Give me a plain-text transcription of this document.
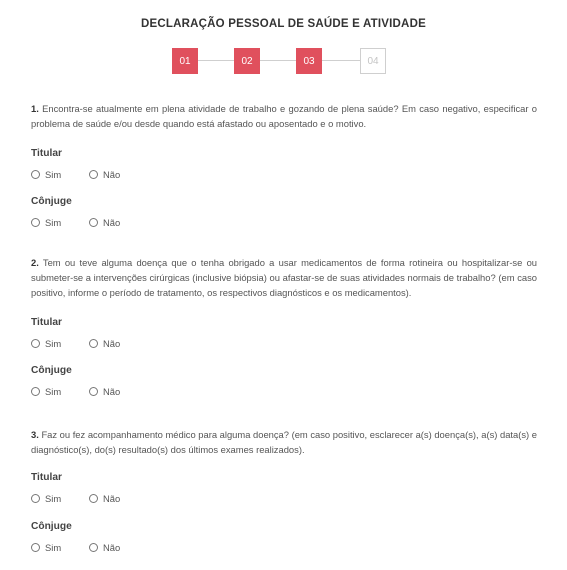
DECLARAÇÃO PESSOAL DE SAÚDE E ATIVIDADE
01	02	03	04
1. Encontra-se atualmente em plena atividade de trabalho e gozando de plena saúde? Em caso negativo, especificar o problema de saúde e/ou desde quando está afastado ou aposentado e o motivo.
Titular
Sim	Não
Cônjuge
Sim	Não
2. Tem ou teve alguma doença que o tenha obrigado a usar medicamentos de forma rotineira ou hospitalizar-se ou submeter-se a intervenções cirúrgicas (inclusive biópsia) ou afastar-se de suas atividades normais de trabalho? (em caso positivo, informe o período de tratamento, os respectivos diagnósticos e os medicamentos).
Titular
Sim	Não
Cônjuge
Sim	Não
3. Faz ou fez acompanhamento médico para alguma doença? (em caso positivo, esclarecer a(s) doença(s), a(s) data(s) e diagnóstico(s), do(s) resultado(s) dos últimos exames realizados).
Titular
Sim	Não
Cônjuge
Sim	Não
